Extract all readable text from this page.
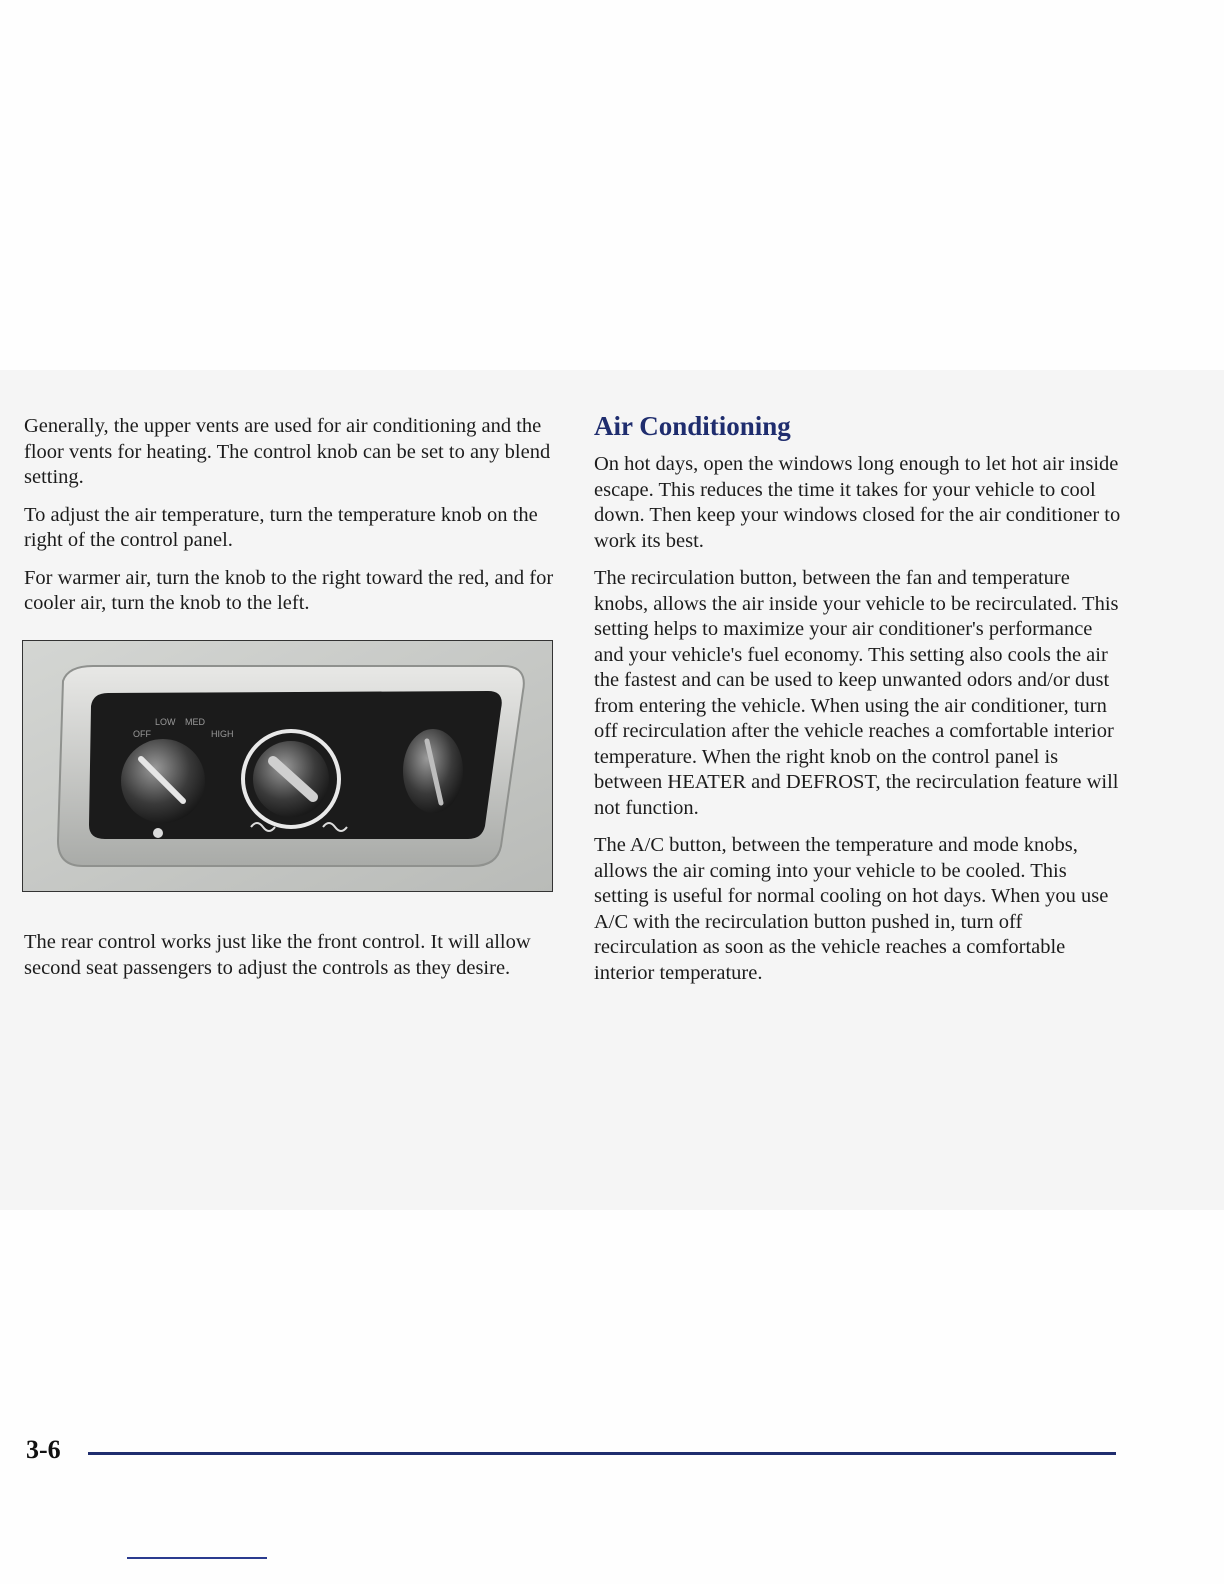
Generally, the upper vents are used for air conditioning and the floor vents for heating. The control knob can be set to any blend setting.

To adjust the air temperature, turn the temperature knob on the right of the control panel.

For warmer air, turn the knob to the right toward the red, and for cooler air, turn the knob to the left.

OFF
LOW MED
HIGH

The rear control works just like the front control. It will allow second seat passengers to adjust the controls as they desire.

Air Conditioning

On hot days, open the windows long enough to let hot air inside escape. This reduces the time it takes for your vehicle to cool down. Then keep your windows closed for the air conditioner to work its best.

The recirculation button, between the fan and temperature knobs, allows the air inside your vehicle to be recirculated. This setting helps to maximize your air conditioner's performance and your vehicle's fuel economy. This setting also cools the air the fastest and can be used to keep unwanted odors and/or dust from entering the vehicle. When using the air conditioner, turn off recirculation after the vehicle reaches a comfortable interior temperature. When the right knob on the control panel is between HEATER and DEFROST, the recirculation feature will not function.

The A/C button, between the temperature and mode knobs, allows the air coming into your vehicle to be cooled. This setting is useful for normal cooling on hot days. When you use A/C with the recirculation button pushed in, turn off recirculation as soon as the vehicle reaches a comfortable interior temperature.

3-6
